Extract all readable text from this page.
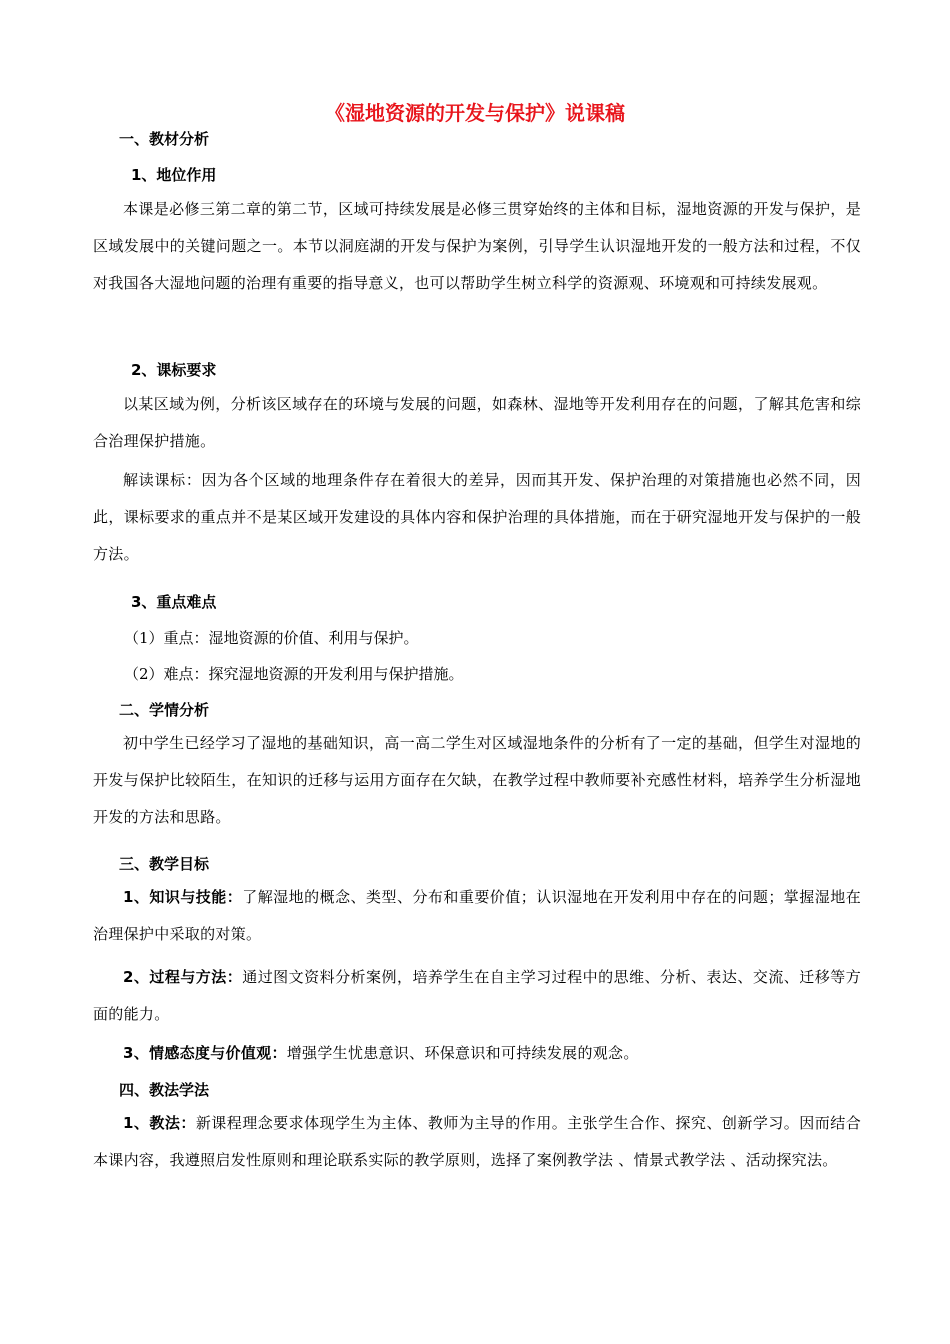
《湿地资源的开发与保护》说课稿
一、教材分析
1、地位作用
本课是必修三第二章的第二节，区域可持续发展是必修三贯穿始终的主体和目标，湿地资源的开发与保护，是区域发展中的关键问题之一。本节以洞庭湖的开发与保护为案例，引导学生认识湿地开发的一般方法和过程，不仅对我国各大湿地问题的治理有重要的指导意义，也可以帮助学生树立科学的资源观、环境观和可持续发展观。
2、课标要求
以某区域为例，分析该区域存在的环境与发展的问题，如森林、湿地等开发利用存在的问题，了解其危害和综合治理保护措施。
解读课标：因为各个区域的地理条件存在着很大的差异，因而其开发、保护治理的对策措施也必然不同，因此，课标要求的重点并不是某区域开发建设的具体内容和保护治理的具体措施，而在于研究湿地开发与保护的一般方法。
3、重点难点
（1）重点：湿地资源的价值、利用与保护。
（2）难点：探究湿地资源的开发利用与保护措施。
二、学情分析
初中学生已经学习了湿地的基础知识，高一高二学生对区域湿地条件的分析有了一定的基础，但学生对湿地的开发与保护比较陌生，在知识的迁移与运用方面存在欠缺，在教学过程中教师要补充感性材料，培养学生分析湿地开发的方法和思路。
三、教学目标
1、知识与技能：了解湿地的概念、类型、分布和重要价值；认识湿地在开发利用中存在的问题；掌握湿地在治理保护中采取的对策。
2、过程与方法：通过图文资料分析案例，培养学生在自主学习过程中的思维、分析、表达、交流、迁移等方面的能力。
3、情感态度与价值观：增强学生忧患意识、环保意识和可持续发展的观念。
四、教法学法
1、教法：新课程理念要求体现学生为主体、教师为主导的作用。主张学生合作、探究、创新学习。因而结合本课内容，我遵照启发性原则和理论联系实际的教学原则，选择了案例教学法 、情景式教学法 、活动探究法。
